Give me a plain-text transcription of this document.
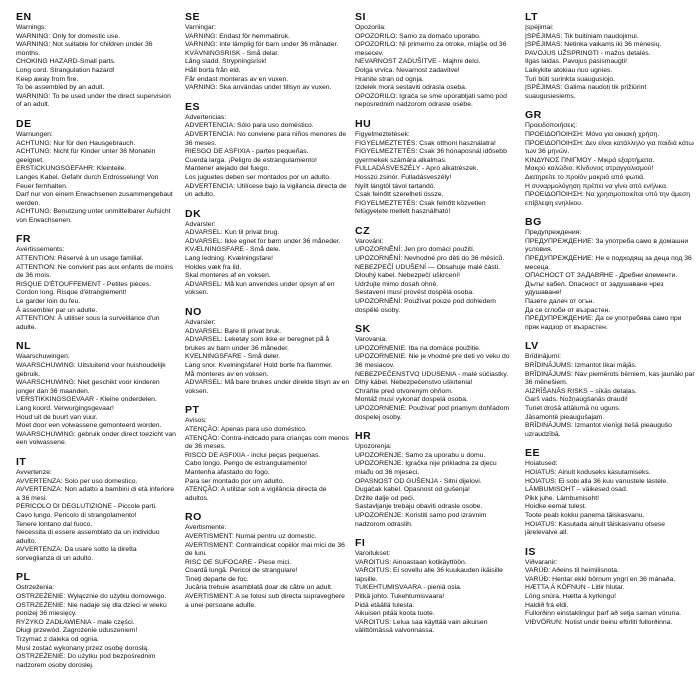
EN

Warnings:

WARNING: Only for domestic use.

WARNING: Not suitable for children under 36 months.

CHOKING HAZARD-Small parts.

Long cord. Strangulation hazard!

Keep away from fire.

To be assembled by an adult.

WARNING: To be used under the direct supervision of an adult.

DE

Warnungen:

ACHTUNG: Nur für den Hausgebrauch.

ACHTUNG: Nicht für Kinder unter 36 Monaten geeignet.

ERSTICKUNGSGEFAHR: Kleinteile.

Langes Kabel. Gefahr durch Erdrosselung! Von Feuer fernhalten.

Darf nur von einem Erwachsenen zusammengebaut werden.

ACHTUNG: Benutzung unter unmittelbarer Aufsicht von Erwachsenen.

FR

Avertissements:

ATTENTION: Réservé à un usage familial.

ATTENTION: Ne convient pas aux enfants de moins de 36 mois.

RISQUE D'ÉTOUFFEMENT - Petites pièces.

Cordon long. Risque d'étranglement!

Le garder loin du feu.

À assembler par un adulte.

ATTENTION: À utiliser sous la surveillance d'un adulte.

NL

Waarschuwingen:

WAARSCHUWING: Uitsluitend voor huishoudelijk gebruik.

WAARSCHUWING: Niet geschikt voor kinderen jonger dan 36 maanden.

VERSTIKKINGSGEVAAR - Kleine onderdelen.

Lang koord. Verwurgingsgevaar!

Houd uit de buurt van vuur.

Moet door een volwassene gemonteerd worden.

WAARSCHUWING: gebruik onder direct toezicht van een volwassene.

IT

Avvertenze:

AVVERTENZA: Solo per uso domestico.

AVVERTENZA: Non adatto a bambini di età inferiore a 36 mesi.

PERICOLO DI DEGLUTIZIONE - Piccole parti.

Cavo lungo. Pericolo di strangolamento!

Tenere lontano dal fuoco.

Necessita di essere assemblato da un individuo adulto.

AVVERTENZA: Da usare sotto la diretta sorveglianza di un adulto.

PL

Ostrzeżenia:

OSTRZEŻENIE: Wyłącznie do użytku domowego.

OSTRZEŻENIE: Nie nadaje się dla dzieci w wieku poniżej 36 miesięcy.

RYZYKO ZADŁAWIENIA - małe części.

Długi przewód. Zagrożenie uduszeniem!

Trzymać z daleka od ognia.

Musi zostać wykonany przez osobę dorosłą.

OSTRZEŻENIE: Do użytku pod bezpośrednim nadzorem osoby dorosłej.

SE

Varningar:

VARNING: Endast för hemmabruk.

VARNING: Inte lämplig för barn under 36 månader.

KVÄVNINGSRISK - Små delar.

Lång sladd. Strypningsrisk!

Håll borta från eld.

Får endast monteras av en vuxen.

VARNING: Ska användas under tillsyn av vuxen.

ES

Advertencias:

ADVERTENCIA: Sólo para uso doméstico.

ADVERTENCIA: No conviene para niños menores de 36 meses.

RIESGO DE ASFIXIA - partes pequeñas.

Cuerda larga. ¡Peligro de estrangulamiento!

Mantener alejado del fuego.

Los juguetes deben ser montados por un adulto.

ADVERTENCIA: Utilícese bajo la vigilancia directa de un adulto.

DK

Advarsler:

ADVARSEL: Kun til privat brug.

ADVARSEL: Ikke egnet for børn under 36 måneder.

KVÆLNINGSFARE - Små dele.

Lang ledning. Kvælningsfare!

Holdes væk fra ild.

Skal monteres af en voksen.

ADVARSEL: Må kun anvendes under opsyn af en voksen.

NO

Advarsler:

ADVARSEL: Bare til privat bruk.

ADVARSEL: Leketøy som ikke er beregnet på å brukes av barn under 36 måneder.

KVELNINGSFARE - Små deler.

Lang snor. Kvelningsfare! Hold borte fra flammer.

Må monteres av en voksen.

ADVARSEL: Må bare brukes under direkte tilsyn av en voksen.

PT

Avisos:

ATENÇÃO: Apenas para uso doméstico.

ATENÇÃO: Contra-indicado para crianças com menos de 36 meses.

RISCO DE ASFIXIA - inclui peças pequenas.

Cabo longo. Perigo de estrangulamento!

Mantenha afastado do fogo.

Para ser montado por um adulto.

ATENÇÃO: A utilizar sob a vigilância directa de adultos.

RO

Avertismente:

AVERTISMENT: Numai pentru uz domestic.

AVERTISMENT: Contraindicat copiilor mai mici de 36 de luni.

RISC DE SUFOCARE - Piese mici.

Coardă lungă. Pericol de strangulare!

Tineți departe de foc.

Jucăria trebuie asamblată doar de către un adult.

AVERTISMENT: A se folosi sub directa supraveghere a unei persoane adulte.

SI

Opozorila:

OPOZORILO: Samo za domačo uporabo.

OPOZORILO: Ni primerno za otroke, mlajše od 36 mesecev.

NEVARNOST ZADUŠITVE - Majhni delci.

Dolga vrvica. Nevarnost zadavitve!

Hranite stran od ognja.

Izdelek mora sestaviti odrasla oseba.

OPOZORILO: Igrača se sme uporabljati samo pod neposrednim nadzorom odrasle osebe.

HU

Figyelmeztetések:

FIGYELMEZTETÉS: Csak otthoni használatra!

FIGYELMEZTETÉS: Csak 36 hónaposnál idősebb gyermekek számára alkalmas.

FULLADÁSVESZÉLY - Apró alkatrészek.

Hosszú zsinór. Fulladásveszély!

Nyílt lángtól távol tartandó.

Csak felnőtt szerelheti össze.

FIGYELMEZTETÉS: Csak felnőtt közvetlen felügyelete mellett használható!

CZ

Varování:

UPOZORNĚNÍ: Jen pro domácí použití.

UPOZORNĚNÍ: Nevhodné pro děti do 36 měsíců.

NEBEZPEČÍ UDUŠENÍ — Obsahuje malé části.

Dlouhý kabel. Nebezpečí uškrcení!

Udržujte mimo dosah ohně.

Sestavení musí provést dospělá osoba.

UPOZORNĚNÍ: Používat pouze pod dohledem dospělé osoby.

SK

Varovania:

UPOZORNENIE: Iba na domáce použitie.

UPOZORNENIE: Nie je vhodné pre deti vo veku do 36 mesiacov.

NEBEZPEČENSTVO UDUSENIA - malé súčiastky.

Dlhý kábel. Nebezpečenstvo uškrtenia!

Chráňte pred otvoreným ohňom.

Montáž musí vykonať dospelá osoba.

UPOZORNENIE: Používať pod priamym dohľadom dospelej osoby.

HR

Upozorenja:

UPOZORENJE: Samo za uporabu u domu.

UPOZORENJE: Igračka nije prikladna za djecu mlađu od 36 mjeseci.

OPASNOST OD GUŠENJA - Sitni dijelovi.

Dugačak kabel. Opasnost od gušenja!

Držite dalje od peći.

Sastavljanje trebaju obaviti odrasle osobe.

UPOZORENJE: Koristiti samo pod izravnim nadzorom odraslih.

FI

Varoitukset:

VAROITUS: Ainoastaan kotikäyttöön.

VAROITUS: Ei sovellu alle 36 kuukauden ikäisille lapsille.

TUKEHTUMISVAARA - pieniä osia.

Pitkä johto. Tukehtumisvaara!

Pidä etäällä tulesta.

Aikuisen pitää koota tuote.

VAROITUS: Lelua saa käyttää vain aikuisen välittömässä valvonnassa.

LT

Įspėjimai:

ĮSPĖJIMAS: Tik buitiniam naudojimui.

ĮSPĖJIMAS: Netinka vaikams iki 36 mėnesių.

PAVOJUS UŽSPRINGTI - mažos detalės.

Ilgas laidas. Pavojus pasismaugti!

Laikykite atokiau nuo ugnies.

Turi būti surinkta suaugusiojo.

ĮSPĖJIMAS: Galima naudoti tik prižiūrint suaugusiesiems.

GR

Προειδοποιήσεις:

ΠΡΟΕΙΔΟΠΟΙΗΣΗ: Μόνο για οικιακή χρήση.

ΠΡΟΕΙΔΟΠΟΙΗΣΗ: Δεν είναι κατάλληλο για παιδιά κάτω των 36 μηνών.

ΚΙΝΔΥΝΟΣ ΠΝΙΓΜΟΥ - Μικρά εξαρτήματα.

Μακρύ καλώδιο. Κίνδυνος στραγγαλισμού!

Διατηρείτε το προϊόν μακριά από φωτιά.

Η συναρμολόγηση πρέπει να γίνει από ενήλικα.

ΠΡΟΕΙΔΟΠΟΙΗΣΗ: Να χρησιμοποιείται υπό την άμεση επίβλεψη ενηλίκου.

BG

Предупреждения:

ПРЕДУПРЕЖДЕНИЕ: За употреба само в домашни условия.

ПРЕДУПРЕЖДЕНИЕ: Не е подходящ за деца под 36 месеца.

ОПАСНОСТ ОТ ЗАДАВЯНЕ - Дребни елементи.

Дълъг кабел. Опасност от задушаване чрез удушаване!

Пазете далеч от огън.

Да се сглоби от възрастен.

ПРЕДУПРЕЖДЕНИЕ: Да се употребява само при пряк надзор от възрастен.

LV

Brīdinājumi:

BRĪDINĀJUMS: Izmantot tikai mājās.

BRĪDINĀJUMS: Nav piemērots bērniem, kas jaunāki par 36 mēnešiem.

AIZRĪŠANĀS RISKS – sīkās detaļas.

Garš vads. Nožņaugšanās draudi!

Turiet drošā attālumā no uguns.

Jāsamontē pieaugušajam.

BRĪDINĀJUMS: Izmantot vienīgi tiešā pieaugušo uzraudzībā.

EE

Hoiatused:

HOIATUS: Ainult koduseks kasutamiseks.

HOIATUS: Ei sobi alla 36 kuu vanustele lastele.

LÄMBUMISOHT – väikesed osad.

Pikk juhe. Lämbumisoht!

Hoidke eemal tulest.

Toote peab kokku panema täiskasvanu.

HOIATUS: Kasutada ainult täiskasvanu otsese järelevalve all.

IS

Viðvaranir:

VARÚÐ: Aðeins til heimilisnota.

VARÚÐ: Hentar ekki börnum yngri en 36 mánaða.

HÆTTA Á KÖFNUN - Litlir hlutar.

Löng snúra. Hætta á kyrkingu!

Haldið frá eldi.

Fullorðinn einstaklingur þarf að setja saman vöruna.

VIÐVÖRUN: Notist undir beinu eftirliti fullorðinna.
